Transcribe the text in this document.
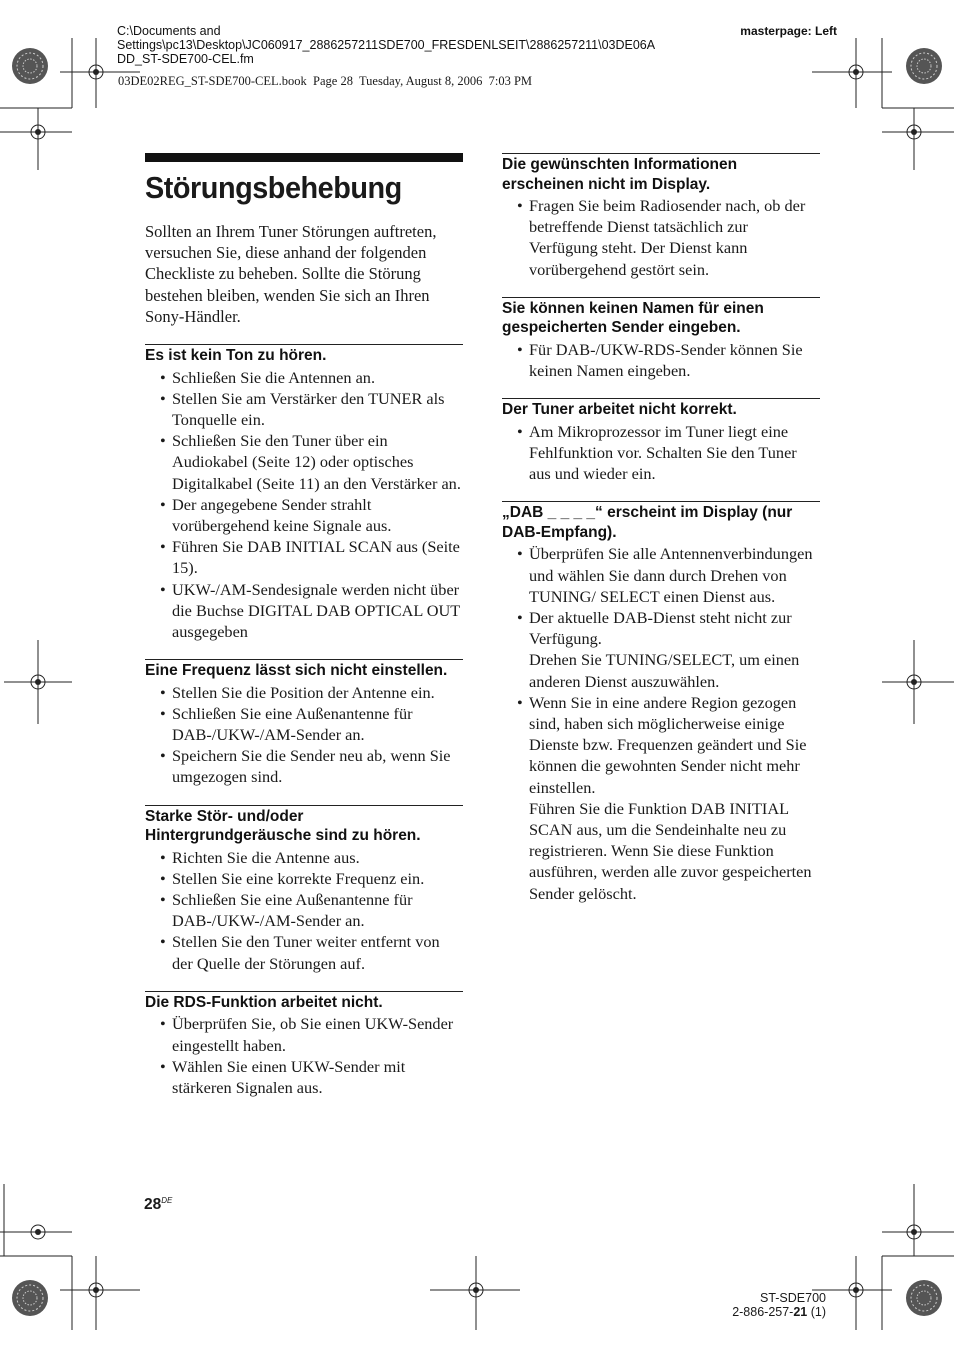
C:\Documents and
Settings\pc13\Desktop\JC060917_2886257211SDE700_FRESDENLSEIT\2886257211\03DE06A
DD_ST-SDE700-CEL.fm
masterpage: Left
03DE02REG_ST-SDE700-CEL.book  Page 28  Tuesday, August 8, 2006  7:03 PM
Störungsbehebung

Sollten an Ihrem Tuner Störungen auftreten, versuchen Sie, diese anhand der folgenden Checkliste zu beheben. Sollte die Störung bestehen bleiben, wenden Sie sich an Ihren Sony-Händler.

Es ist kein Ton zu hören.
• Schließen Sie die Antennen an.
• Stellen Sie am Verstärker den TUNER als Tonquelle ein.
• Schließen Sie den Tuner über ein Audiokabel (Seite 12) oder optisches Digitalkabel (Seite 11) an den Verstärker an.
• Der angegebene Sender strahlt vorübergehend keine Signale aus.
• Führen Sie DAB INITIAL SCAN aus (Seite 15).
• UKW-/AM-Sendesignale werden nicht über die Buchse DIGITAL DAB OPTICAL OUT ausgegeben
Eine Frequenz lässt sich nicht einstellen.
• Stellen Sie die Position der Antenne ein.
• Schließen Sie eine Außenantenne für DAB-/UKW-/AM-Sender an.
• Speichern Sie die Sender neu ab, wenn Sie umgezogen sind.
Starke Stör- und/oder Hintergrundgeräusche sind zu hören.
• Richten Sie die Antenne aus.
• Stellen Sie eine korrekte Frequenz ein.
• Schließen Sie eine Außenantenne für DAB-/UKW-/AM-Sender an.
• Stellen Sie den Tuner weiter entfernt von der Quelle der Störungen auf.
Die RDS-Funktion arbeitet nicht.
• Überprüfen Sie, ob Sie einen UKW-Sender eingestellt haben.
• Wählen Sie einen UKW-Sender mit stärkeren Signalen aus.
Die gewünschten Informationen erscheinen nicht im Display.
• Fragen Sie beim Radiosender nach, ob der betreffende Dienst tatsächlich zur Verfügung steht. Der Dienst kann vorübergehend gestört sein.
Sie können keinen Namen für einen gespeicherten Sender eingeben.
• Für DAB-/UKW-RDS-Sender können Sie keinen Namen eingeben.
Der Tuner arbeitet nicht korrekt.
• Am Mikroprozessor im Tuner liegt eine Fehlfunktion vor. Schalten Sie den Tuner aus und wieder ein.
„DAB _ _ _ _“ erscheint im Display (nur DAB-Empfang).
• Überprüfen Sie alle Antennenverbindungen und wählen Sie dann durch Drehen von TUNING/ SELECT einen Dienst aus.
• Der aktuelle DAB-Dienst steht nicht zur Verfügung.
Drehen Sie TUNING/SELECT, um einen anderen Dienst auszuwählen.
• Wenn Sie in eine andere Region gezogen sind, haben sich möglicherweise einige Dienste bzw. Frequenzen geändert und Sie können die gewohnten Sender nicht mehr einstellen.
Führen Sie die Funktion DAB INITIAL SCAN aus, um die Sendeinhalte neu zu registrieren. Wenn Sie diese Funktion ausführen, werden alle zuvor gespeicherten Sender gelöscht.
28DE
ST-SDE700
2-886-257-21 (1)
